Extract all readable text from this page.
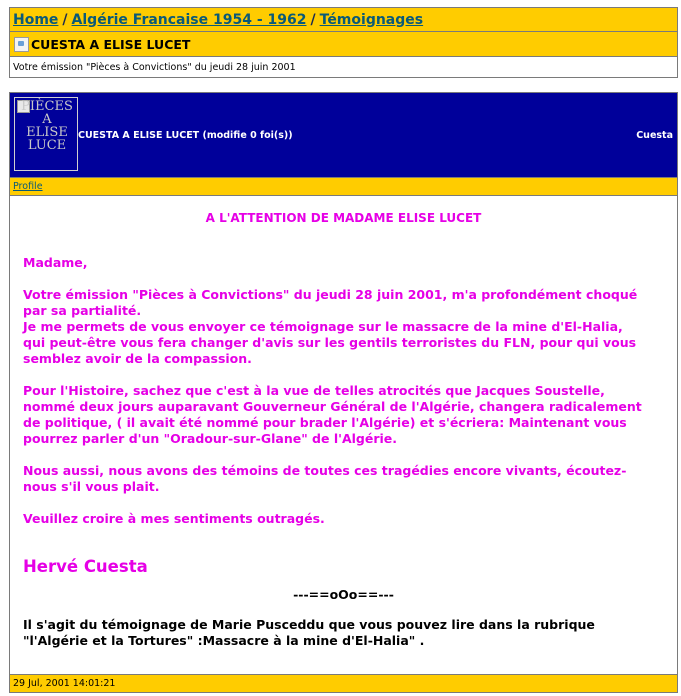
Home / Algérie Francaise 1954 - 1962 / Témoignages
CUESTA A ELISE LUCET
Votre émission "Pièces à Convictions" du jeudi 28 juin 2001
PIÈCES
A
ELISE
LUCE
CUESTA A ELISE LUCET (modifie 0 foi(s))	Cuesta
Profile
A L'ATTENTION DE MADAME ELISE LUCET

Madame,

Votre émission "Pièces à Convictions" du jeudi 28 juin 2001, m'a profondément choqué
par sa partialité.
Je me permets de vous envoyer ce témoignage sur le massacre de la mine d'El-Halia,
qui peut-être vous fera changer d'avis sur les gentils terroristes du FLN, pour qui vous
semblez avoir de la compassion.
Pour l'Histoire, sachez que c'est à la vue de telles atrocités que Jacques Soustelle,
nommé deux jours auparavant Gouverneur Général de l'Algérie, changera radicalement
de politique, ( il avait été nommé pour brader l'Algérie) et s'écriera: Maintenant vous
pourrez parler d'un "Oradour-sur-Glane" de l'Algérie.
Nous aussi, nous avons des témoins de toutes ces tragédies encore vivants, écoutez-
nous s'il vous plait.

Veuillez croire à mes sentiments outragés.

Hervé Cuesta
---==oOo==---
Il s'agit du témoignage de Marie Pusceddu que vous pouvez lire dans la rubrique
"l'Algérie et la Tortures" :Massacre à la mine d'El-Halia" .
29 Jul, 2001 14:01:21
